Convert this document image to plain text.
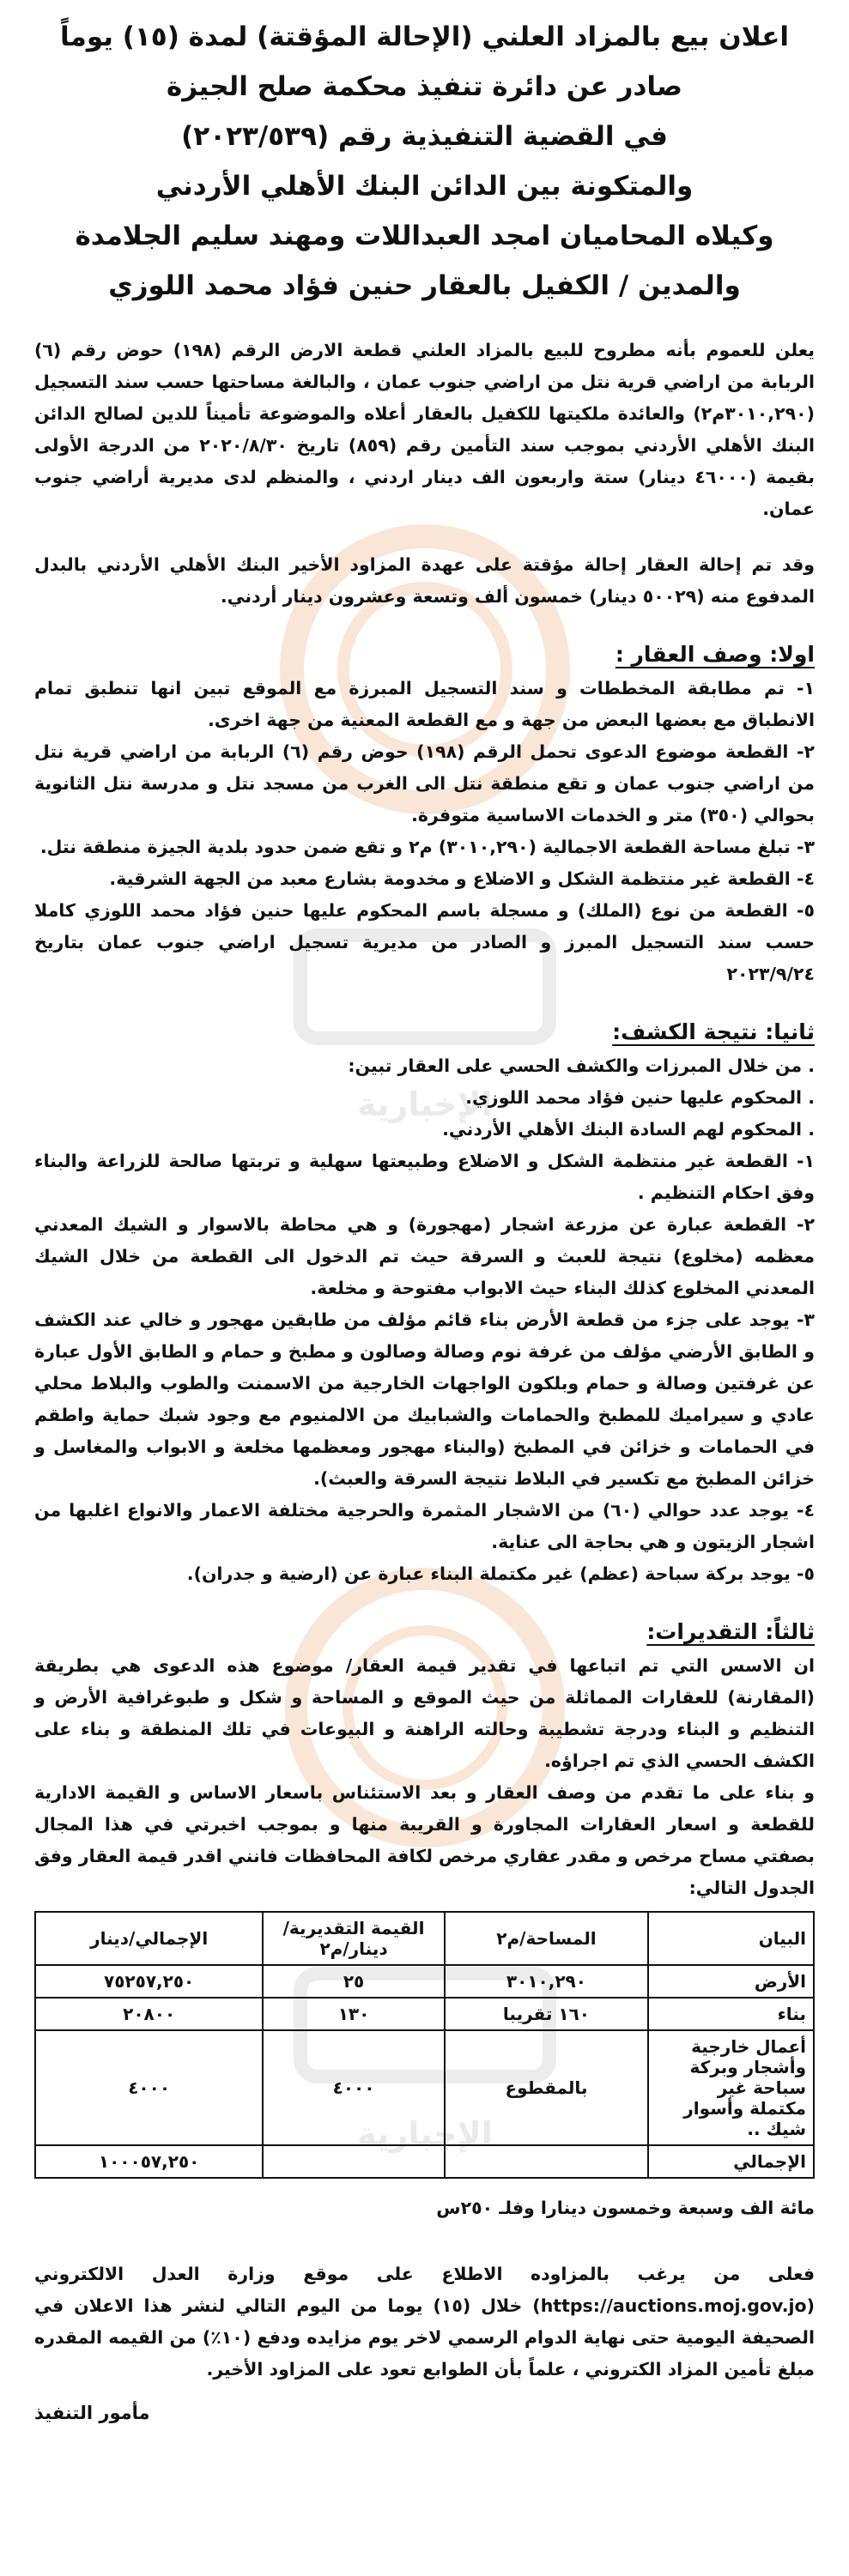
الإخبارية
الإخبارية
اعلان بيع بالمزاد العلني (الإحالة المؤقتة) لمدة (١٥) يوماً
صادر عن دائرة تنفيذ محكمة صلح الجيزة
في القضية التنفيذية رقم (٢٠٢٣/٥٣٩)
والمتكونة بين الدائن البنك الأهلي الأردني
وكيلاه المحاميان امجد العبداللات ومهند سليم الجلامدة
والمدين / الكفيل بالعقار حنين فؤاد محمد اللوزي

يعلن للعموم بأنه مطروح للبيع بالمزاد العلني قطعة الارض الرقم (١٩٨) حوض رقم (٦) الربابة من اراضي قرية نتل من اراضي جنوب عمان ، والبالغة مساحتها حسب سند التسجيل (٣٠١٠,٢٩٠م٢) والعائدة ملكيتها للكفيل بالعقار أعلاه والموضوعة تأميناً للدين لصالح الدائن البنك الأهلي الأردني بموجب سند التأمين رقم (٨٥٩) تاريخ ٢٠٢٠/٨/٣٠ من الدرجة الأولى بقيمة (٤٦٠٠٠ دينار) ستة واربعون الف دينار اردني ، والمنظم لدى مديرية أراضي جنوب عمان.

وقد تم إحالة العقار إحالة مؤقتة على عهدة المزاود الأخير البنك الأهلي الأردني بالبدل المدفوع منه (٥٠٠٢٩ دينار) خمسون ألف وتسعة وعشرون دينار أردني.

اولا: وصف العقار :

١- تم مطابقة المخططات و سند التسجيل المبرزة مع الموقع تبين انها تنطبق تمام الانطباق مع بعضها البعض من جهة و مع القطعة المعنية من جهة اخرى.

٢- القطعة موضوع الدعوى تحمل الرقم (١٩٨) حوض رقم (٦) الربابة من اراضي قرية نتل من اراضي جنوب عمان و تقع منطقة نتل الى الغرب من مسجد نتل و مدرسة نتل الثانوية بحوالي (٣٥٠) متر و الخدمات الاساسية متوفرة.

٣- تبلغ مساحة القطعة الاجمالية (٣٠١٠,٢٩٠) م٢ و تقع ضمن حدود بلدية الجيزة منطقة نتل.

٤- القطعة غير منتظمة الشكل و الاضلاع و مخدومة بشارع معبد من الجهة الشرقية.

٥- القطعة من نوع (الملك) و مسجلة باسم المحكوم عليها حنين فؤاد محمد اللوزي كاملا حسب سند التسجيل المبرز و الصادر من مديرية تسجيل اراضي جنوب عمان بتاريخ ٢٠٢٣/٩/٢٤

ثانيا: نتيجة الكشف:

. من خلال المبرزات والكشف الحسي على العقار تبين:

. المحكوم عليها حنين فؤاد محمد اللوزي.

. المحكوم لهم السادة البنك الأهلي الأردني.

١- القطعة غير منتظمة الشكل و الاضلاع وطبيعتها سهلية و تربتها صالحة للزراعة والبناء وفق احكام التنظيم .

٢- القطعة عبارة عن مزرعة اشجار (مهجورة) و هي محاطة بالاسوار و الشيك المعدني معظمه (مخلوع) نتيجة للعبث و السرقة حيث تم الدخول الى القطعة من خلال الشيك المعدني المخلوع كذلك البناء حيث الابواب مفتوحة و مخلعة.

٣- يوجد على جزء من قطعة الأرض بناء قائم مؤلف من طابقين مهجور و خالي عند الكشف و الطابق الأرضي مؤلف من غرفة نوم وصالة وصالون و مطبخ و حمام و الطابق الأول عبارة عن غرفتين وصالة و حمام وبلكون الواجهات الخارجية من الاسمنت والطوب والبلاط محلي عادي و سيراميك للمطبخ والحمامات والشبابيك من الالمنيوم مع وجود شبك حماية واطقم في الحمامات و خزائن في المطبخ (والبناء مهجور ومعظمها مخلعة و الابواب والمغاسل و خزائن المطبخ مع تكسير في البلاط نتيجة السرقة والعبث).

٤- يوجد عدد حوالي (٦٠) من الاشجار المثمرة والحرجية مختلفة الاعمار والانواع اغلبها من اشجار الزيتون و هي بحاجة الى عناية.

٥- يوجد بركة سباحة (عظم) غير مكتملة البناء عبارة عن (ارضية و جدران).

ثالثاً: التقديرات:

ان الاسس التي تم اتباعها في تقدير قيمة العقار/ موضوع هذه الدعوى هي بطريقة (المقارنة) للعقارات المماثلة من حيث الموقع و المساحة و شكل و طبوغرافية الأرض و التنظيم و البناء ودرجة تشطيبة وحالته الراهنة و البيوعات في تلك المنطقة و بناء على الكشف الحسي الذي تم اجراؤه.

و بناء على ما تقدم من وصف العقار و بعد الاستئناس باسعار الاساس و القيمة الادارية للقطعة و اسعار العقارات المجاورة و القريبة منها و بموجب اخبرتي في هذا المجال بصفتي مساح مرخص و مقدر عقاري مرخص لكافة المحافظات فانني اقدر قيمة العقار وفق الجدول التالي:

البيان	المساحة/م٢	القيمة التقديرية/دينار/م٢	الإجمالي/دينار
الأرض	٣٠١٠,٢٩٠	٢٥	٧٥٢٥٧,٢٥٠
بناء	١٦٠ تقريبا	١٣٠	٢٠٨٠٠
أعمال خارجية وأشجار وبركة سباحة غير مكتملة وأسوار شيك ..	بالمقطوع	٤٠٠٠	٤٠٠٠
الإجمالي			١٠٠٠٥٧,٢٥٠

مائة الف وسبعة وخمسون دينارا وفلـ ٢٥٠س

فعلى من يرغب بالمزاوده الاطلاع على موقع وزارة العدل الالكتروني (https://auctions.moj.gov.jo) خلال (١٥) يوما من اليوم التالي لنشر هذا الاعلان في الصحيفة اليومية حتى نهاية الدوام الرسمي لاخر يوم مزايده ودفع (١٠٪) من القيمه المقدره مبلغ تأمين المزاد الكتروني ، علماً بأن الطوابع تعود على المزاود الأخير.

مأمور التنفيذ
